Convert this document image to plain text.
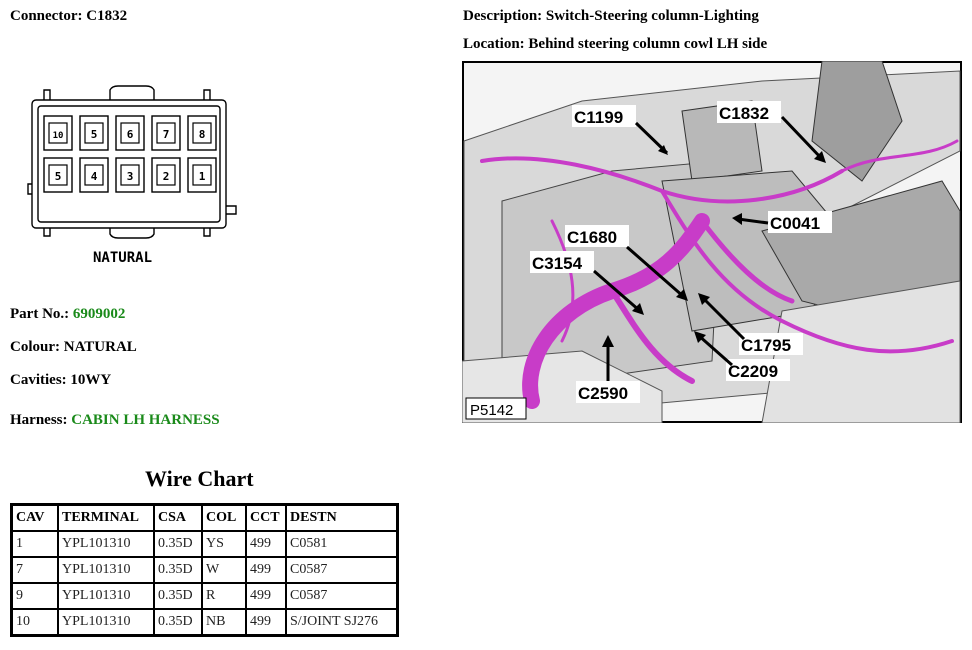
Connector: C1832	Description: Switch-Steering column-Lighting
Location: Behind steering column cowl LH side
10 5	6	7	8
5	4	3	2	1
NATURAL
Part No.: 6909002
Colour: NATURAL
Cavities: 10WY
Harness: CABIN LH HARNESS
C1199	C1832
C0041
C1680
C3154
C1795
C2209
C2590
P5142
Wire Chart
CAV	TERMINAL	CSA	COL	CCT	DESTN
1	YPL101310	0.35D	YS	499	C0581
7	YPL101310	0.35D	W	499	C0587
9	YPL101310	0.35D	R	499	C0587
10	YPL101310	0.35D	NB	499	S/JOINT SJ276
